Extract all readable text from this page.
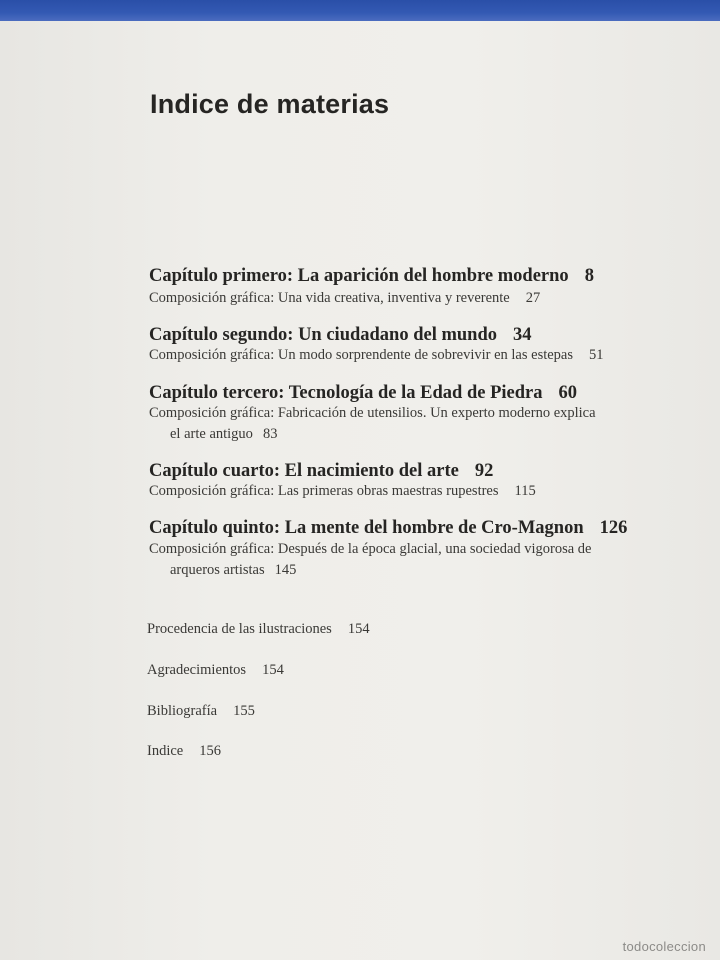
Indice de materias
Capítulo primero: La aparición del hombre moderno 8
Composición gráfica: Una vida creativa, inventiva y reverente 27
Capítulo segundo: Un ciudadano del mundo 34
Composición gráfica: Un modo sorprendente de sobrevivir en las estepas 51
Capítulo tercero: Tecnología de la Edad de Piedra 60
Composición gráfica: Fabricación de utensilios. Un experto moderno explica
el arte antiguo 83
Capítulo cuarto: El nacimiento del arte 92
Composición gráfica: Las primeras obras maestras rupestres 115
Capítulo quinto: La mente del hombre de Cro-Magnon 126
Composición gráfica: Después de la época glacial, una sociedad vigorosa de
arqueros artistas 145
Procedencia de las ilustraciones 154
Agradecimientos 154
Bibliografía 155
Indice 156
todocoleccion
